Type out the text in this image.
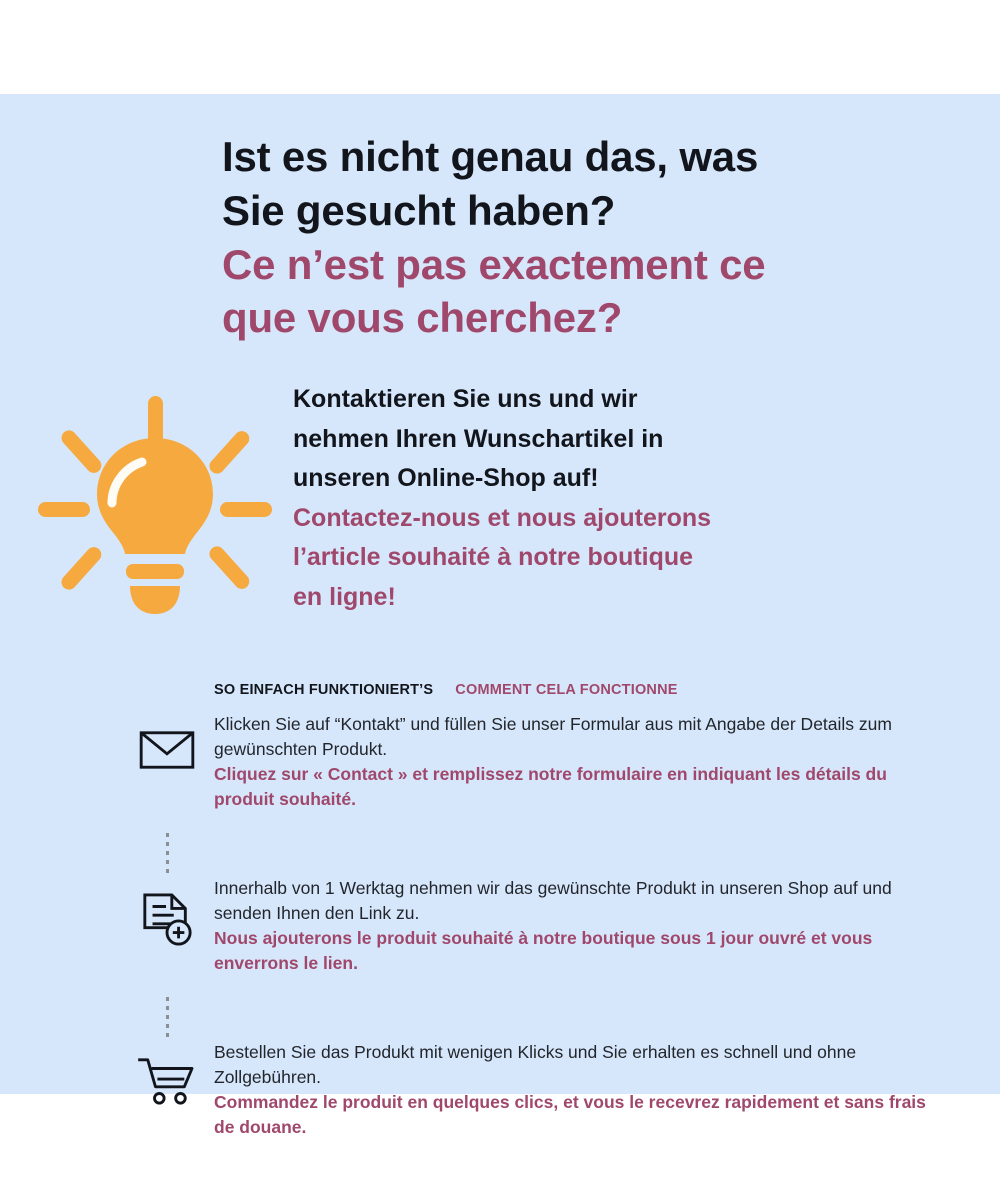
Ist es nicht genau das, was

Sie gesucht haben?

Ce n’est pas exactement ce

que vous cherchez?

Kontaktieren Sie uns und wir

nehmen Ihren Wunschartikel in

unseren Online-Shop auf!

Contactez-nous et nous ajouterons

l’article souhaité à notre boutique

en ligne!

SO EINFACH FUNKTIONIERT’S COMMENT CELA FONCTIONNE

Klicken Sie auf “Kontakt” und füllen Sie unser Formular aus mit Angabe der Details zum gewünschten Produkt.

Cliquez sur « Contact » et remplissez notre formulaire en indiquant les détails du produit souhaité.

Innerhalb von 1 Werktag nehmen wir das gewünschte Produkt in unseren Shop auf und senden Ihnen den Link zu.

Nous ajouterons le produit souhaité à notre boutique sous 1 jour ouvré et vous enverrons le lien.

Bestellen Sie das Produkt mit wenigen Klicks und Sie erhalten es schnell und ohne Zollgebühren.

Commandez le produit en quelques clics, et vous le recevrez rapidement et sans frais de douane.
